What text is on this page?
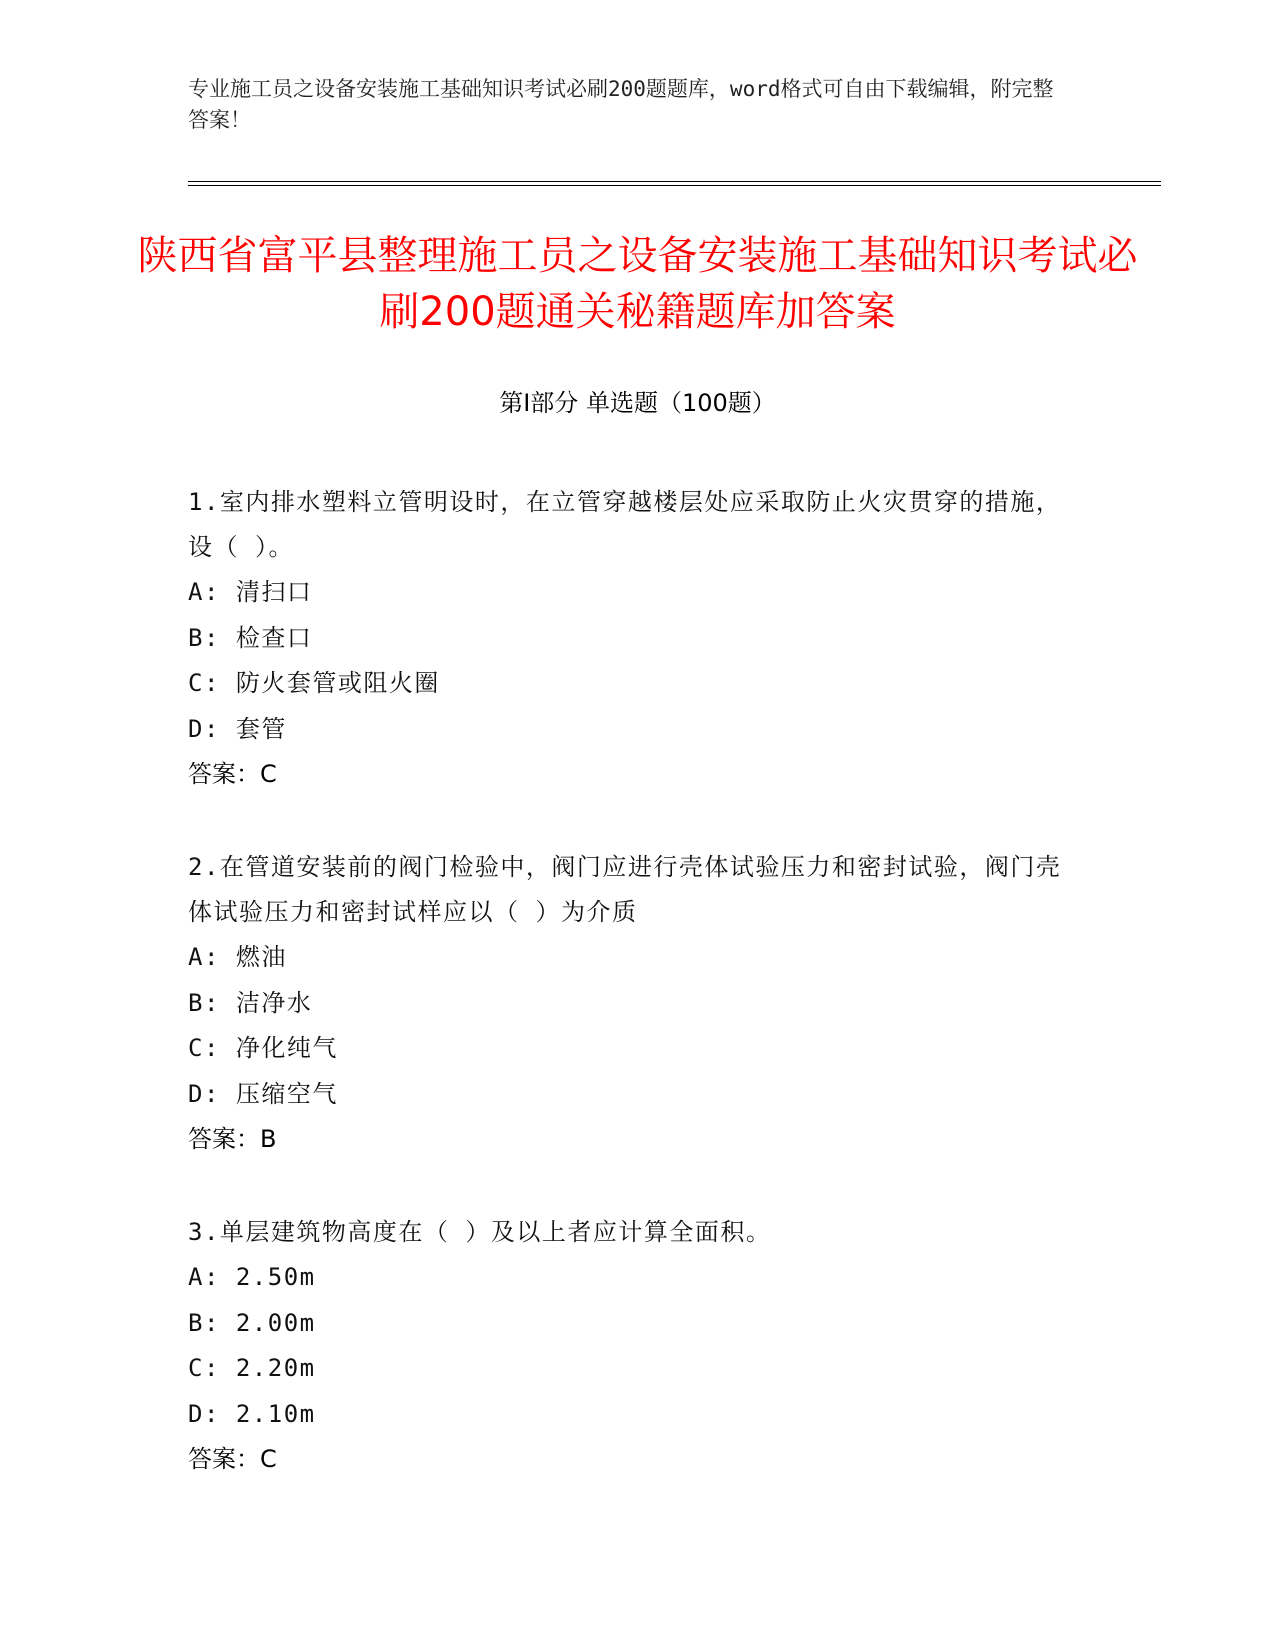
专业施工员之设备安装施工基础知识考试必刷200题题库，word格式可自由下载编辑，附完整答案！
陕西省富平县整理施工员之设备安装施工基础知识考试必刷200题通关秘籍题库加答案
第Ⅰ部分 单选题（100题）
1.室内排水塑料立管明设时，在立管穿越楼层处应采取防止火灾贯穿的措施，设（ ）。
A: 清扫口
B: 检查口
C: 防火套管或阻火圈
D: 套管
答案：C
2.在管道安装前的阀门检验中，阀门应进行壳体试验压力和密封试验，阀门壳体试验压力和密封试样应以（ ）为介质
A: 燃油
B: 洁净水
C: 净化纯气
D: 压缩空气
答案：B
3.单层建筑物高度在（ ）及以上者应计算全面积。
A: 2.50m
B: 2.00m
C: 2.20m
D: 2.10m
答案：C
